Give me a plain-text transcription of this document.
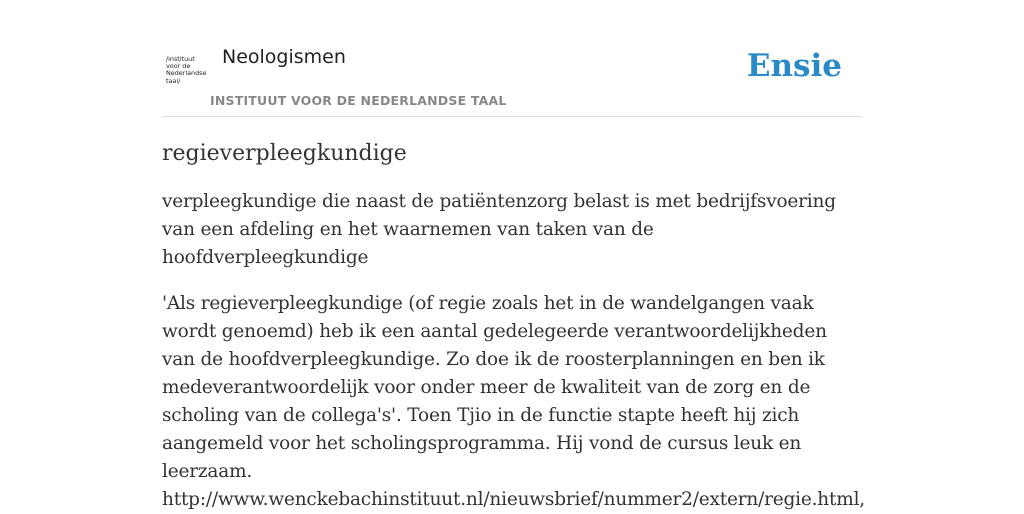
/instituut
voor de
Nederlandse
taal/
Neologismen
INSTITUUT VOOR DE NEDERLANDSE TAAL
Ensie
regieverpleegkundige

verpleegkundige die naast de patiëntenzorg belast is met bedrijfsvoering van een afdeling en het waarnemen van taken van de hoofdverpleegkundige

'Als regieverpleegkundige (of regie zoals het in de wandelgangen vaak wordt genoemd) heb ik een aantal gedelegeerde verantwoordelijkheden van de hoofdverpleegkundige. Zo doe ik de roosterplanningen en ben ik medeverantwoordelijk voor onder meer de kwaliteit van de zorg en de scholing van de collega's'. Toen Tjio in de functie stapte heeft hij zich aangemeld voor het scholingsprogramma. Hij vond de cursus leuk en leerzaam. http://www.wenckebachinstituut.nl/nieuwsbrief/nummer2/extern/regie.html,
